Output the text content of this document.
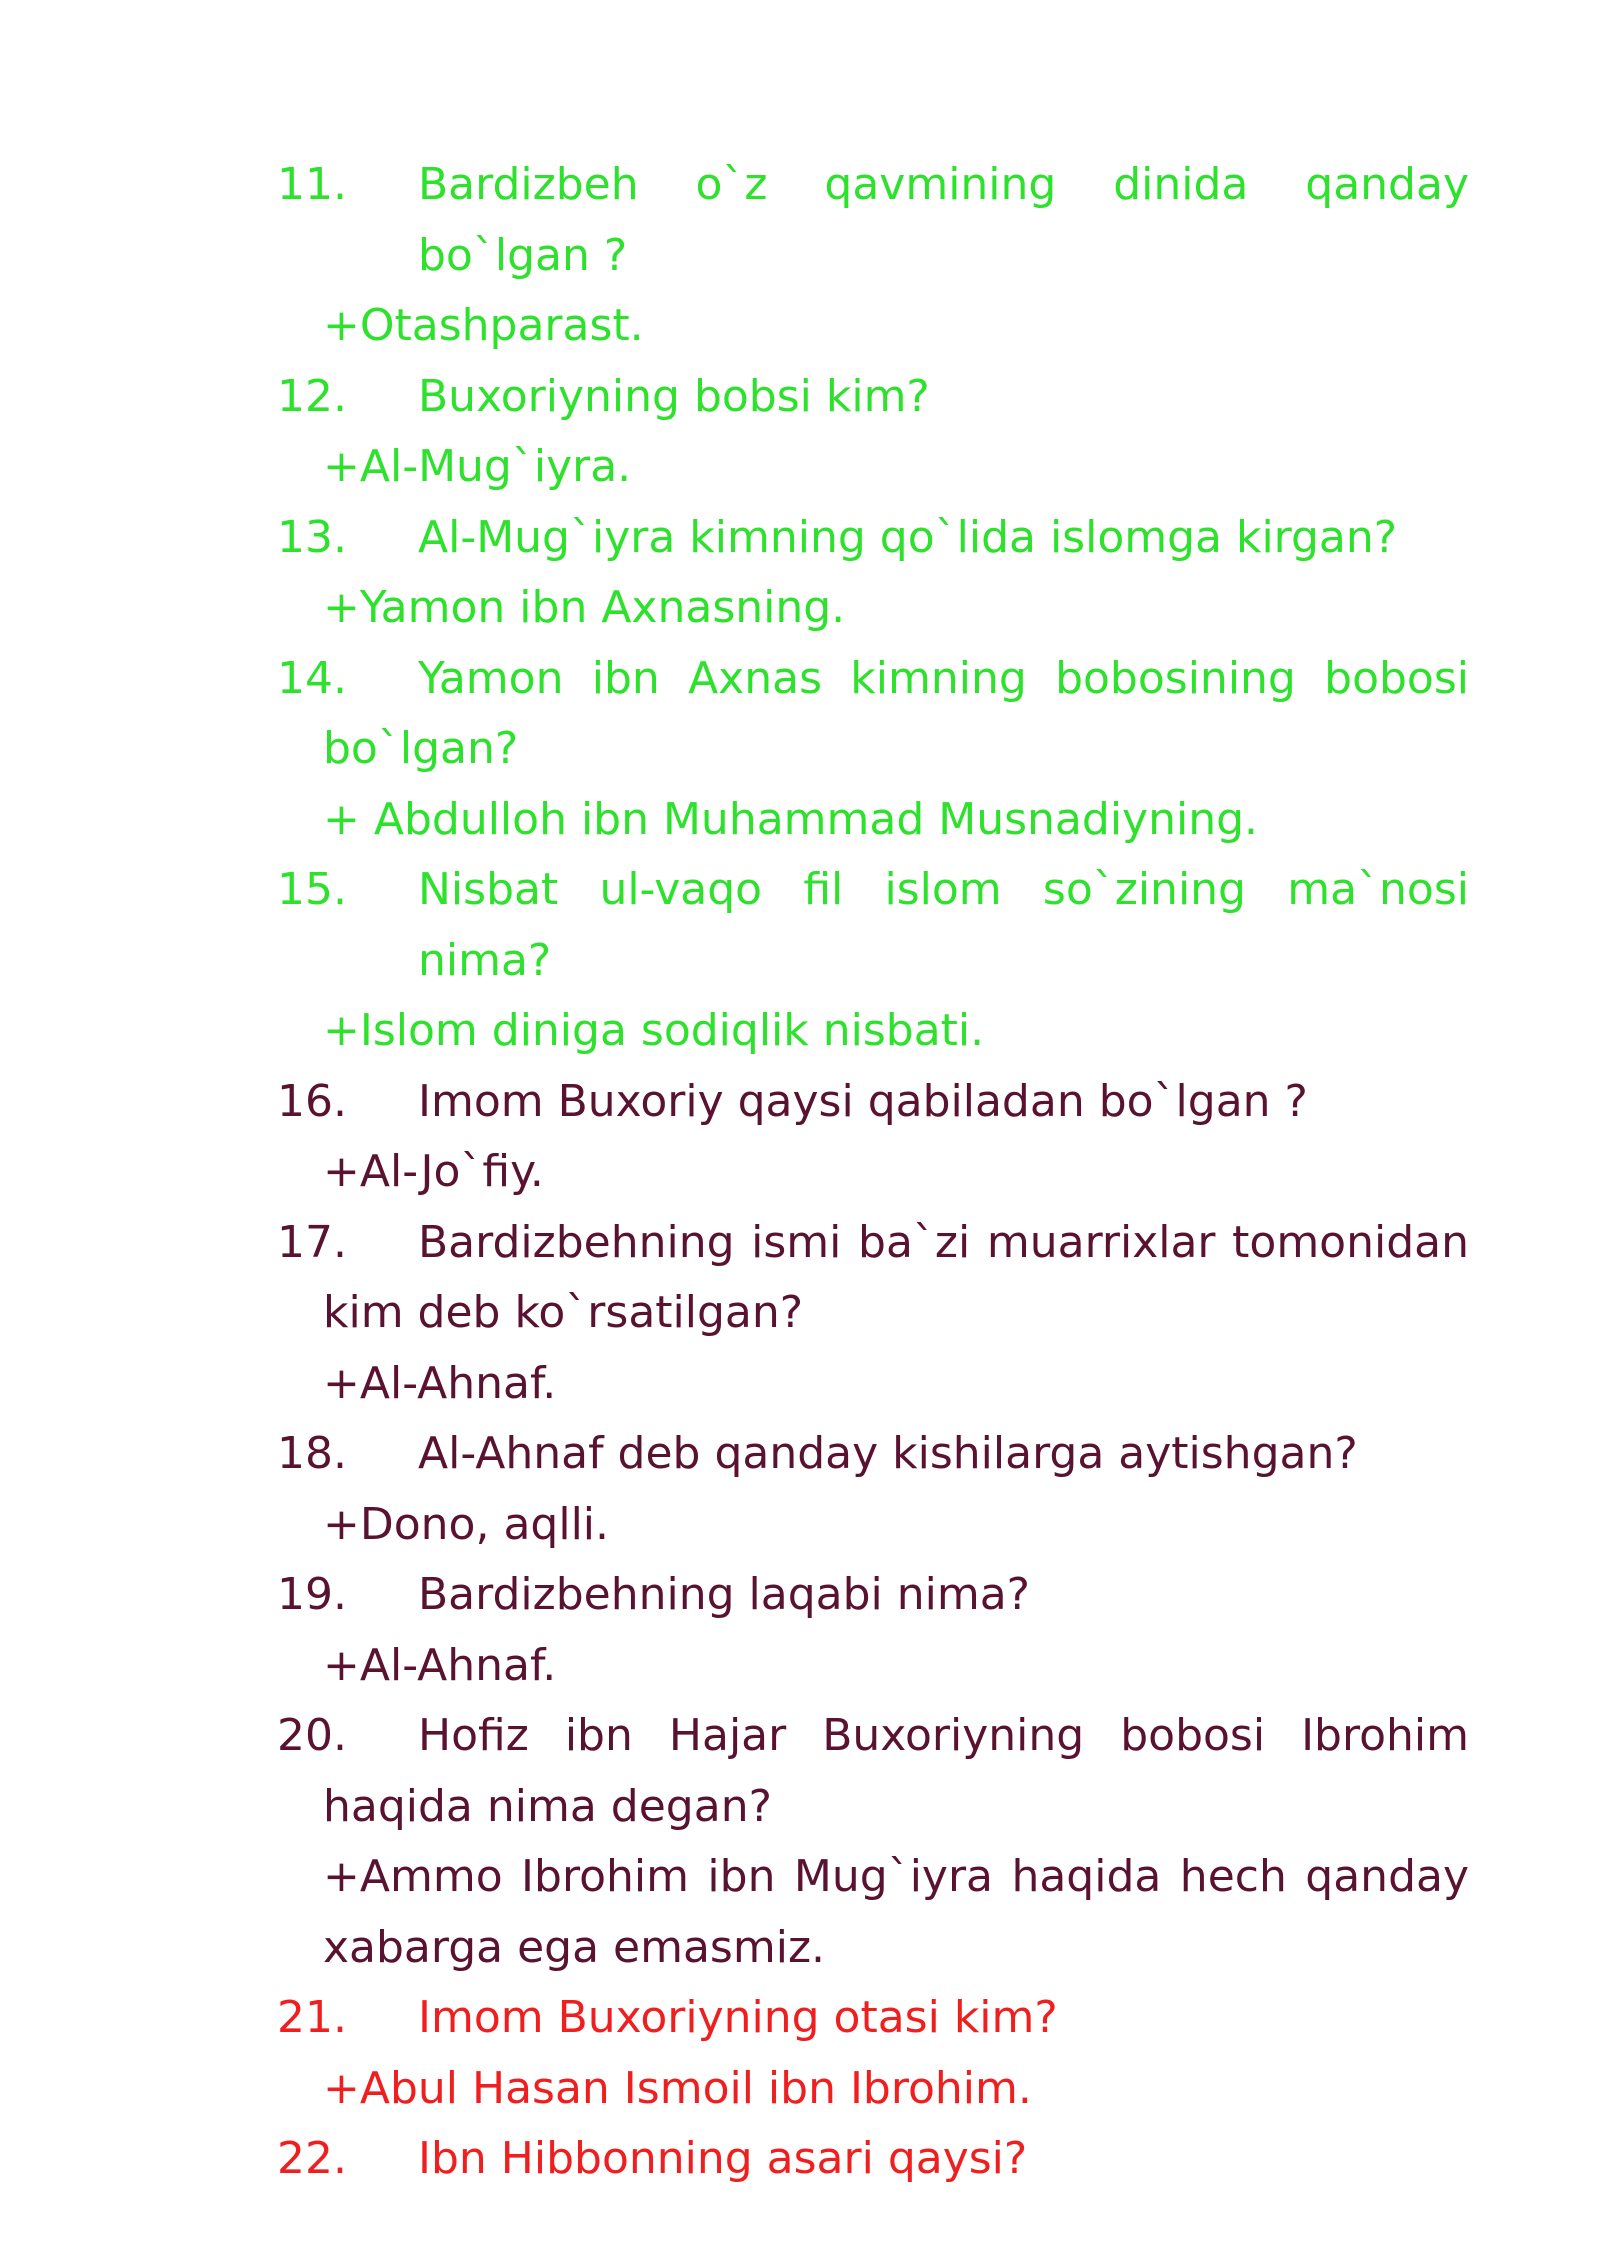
11. Bardizbeh o`z qavmining dinida qanday bo`lgan ?

+Otashparast.

12. Buxoriyning bobsi kim?

+Al-Mug`iyra.

13. Al-Mug`iyra kimning qo`lida islomga kirgan?

+Yamon ibn Axnasning.

14. Yamon ibn Axnas kimning bobosining bobosi
bo`lgan?

+ Abdulloh ibn Muhammad Musnadiyning.

15. Nisbat ul-vaqo fil islom so`zining ma`nosi nima?

+Islom diniga sodiqlik nisbati.

16. Imom Buxoriy qaysi qabiladan bo`lgan ?

+Al-Jo`fiy.

17. Bardizbehning ismi ba`zi muarrixlar tomonidan
kim deb ko`rsatilgan?

+Al-Ahnaf.

18. Al-Ahnaf deb qanday kishilarga aytishgan?

+Dono, aqlli.

19. Bardizbehning laqabi nima?

+Al-Ahnaf.

20. Hofiz ibn Hajar Buxoriyning bobosi Ibrohim
haqida nima degan?

+Ammo Ibrohim ibn Mug`iyra haqida hech qanday
xabarga ega emasmiz.

21. Imom Buxoriyning otasi kim?

+Abul Hasan Ismoil ibn Ibrohim.

22. Ibn Hibbonning asari qaysi?
